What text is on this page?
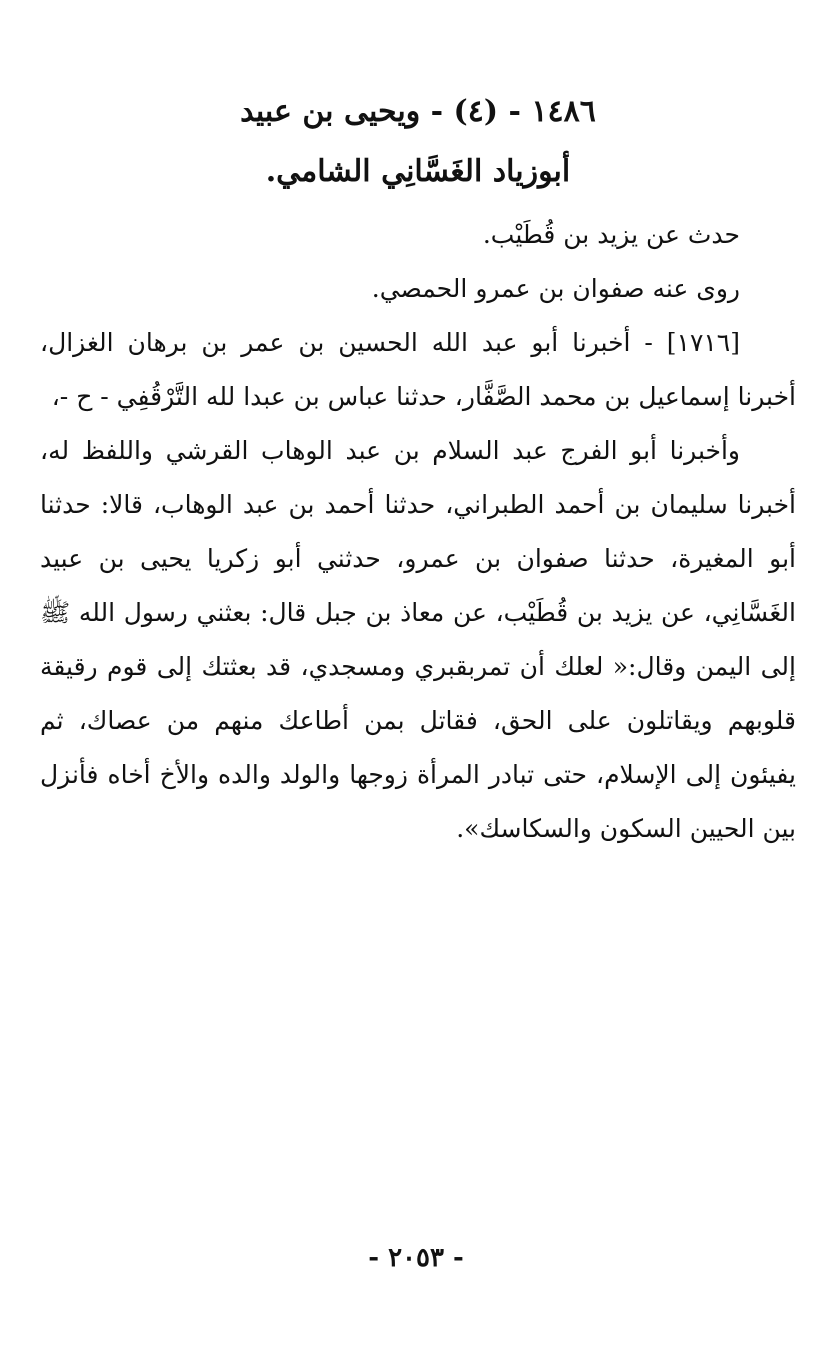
١٤٨٦ - (٤) - ويحيى بن عبيد

أبوزياد الغَسَّانِي الشامي.

حدث عن يزيد بن قُطَيْب.

روى عنه صفوان بن عمرو الحمصي.

[١٧١٦] - أخبرنا أبو عبد الله الحسين بن عمر بن برهان الغزال، أخبرنا إسماعيل بن محمد الصَّفَّار، حدثنا عباس بن عبدا لله التَّرْقُفِي - ح -،

وأخبرنا أبو الفرج عبد السلام بن عبد الوهاب القرشي واللفظ له، أخبرنا سليمان بن أحمد الطبراني، حدثنا أحمد بن عبد الوهاب، قالا: حدثنا أبو المغيرة، حدثنا صفوان بن عمرو، حدثني أبو زكريا يحيى بن عبيد الغَسَّانِي، عن يزيد بن قُطَيْب، عن معاذ بن جبل قال: بعثني رسول الله ﷺ إلى اليمن وقال:« لعلك أن تمربقبري ومسجدي، قد بعثتك إلى قوم رقيقة قلوبهم ويقاتلون على الحق، فقاتل بمن أطاعك منهم من عصاك، ثم يفيئون إلى الإسلام، حتى تبادر المرأة زوجها والولد والده والأخ أخاه فأنزل بين الحيين السكون والسكاسك».

- ٢٠٥٣ -
